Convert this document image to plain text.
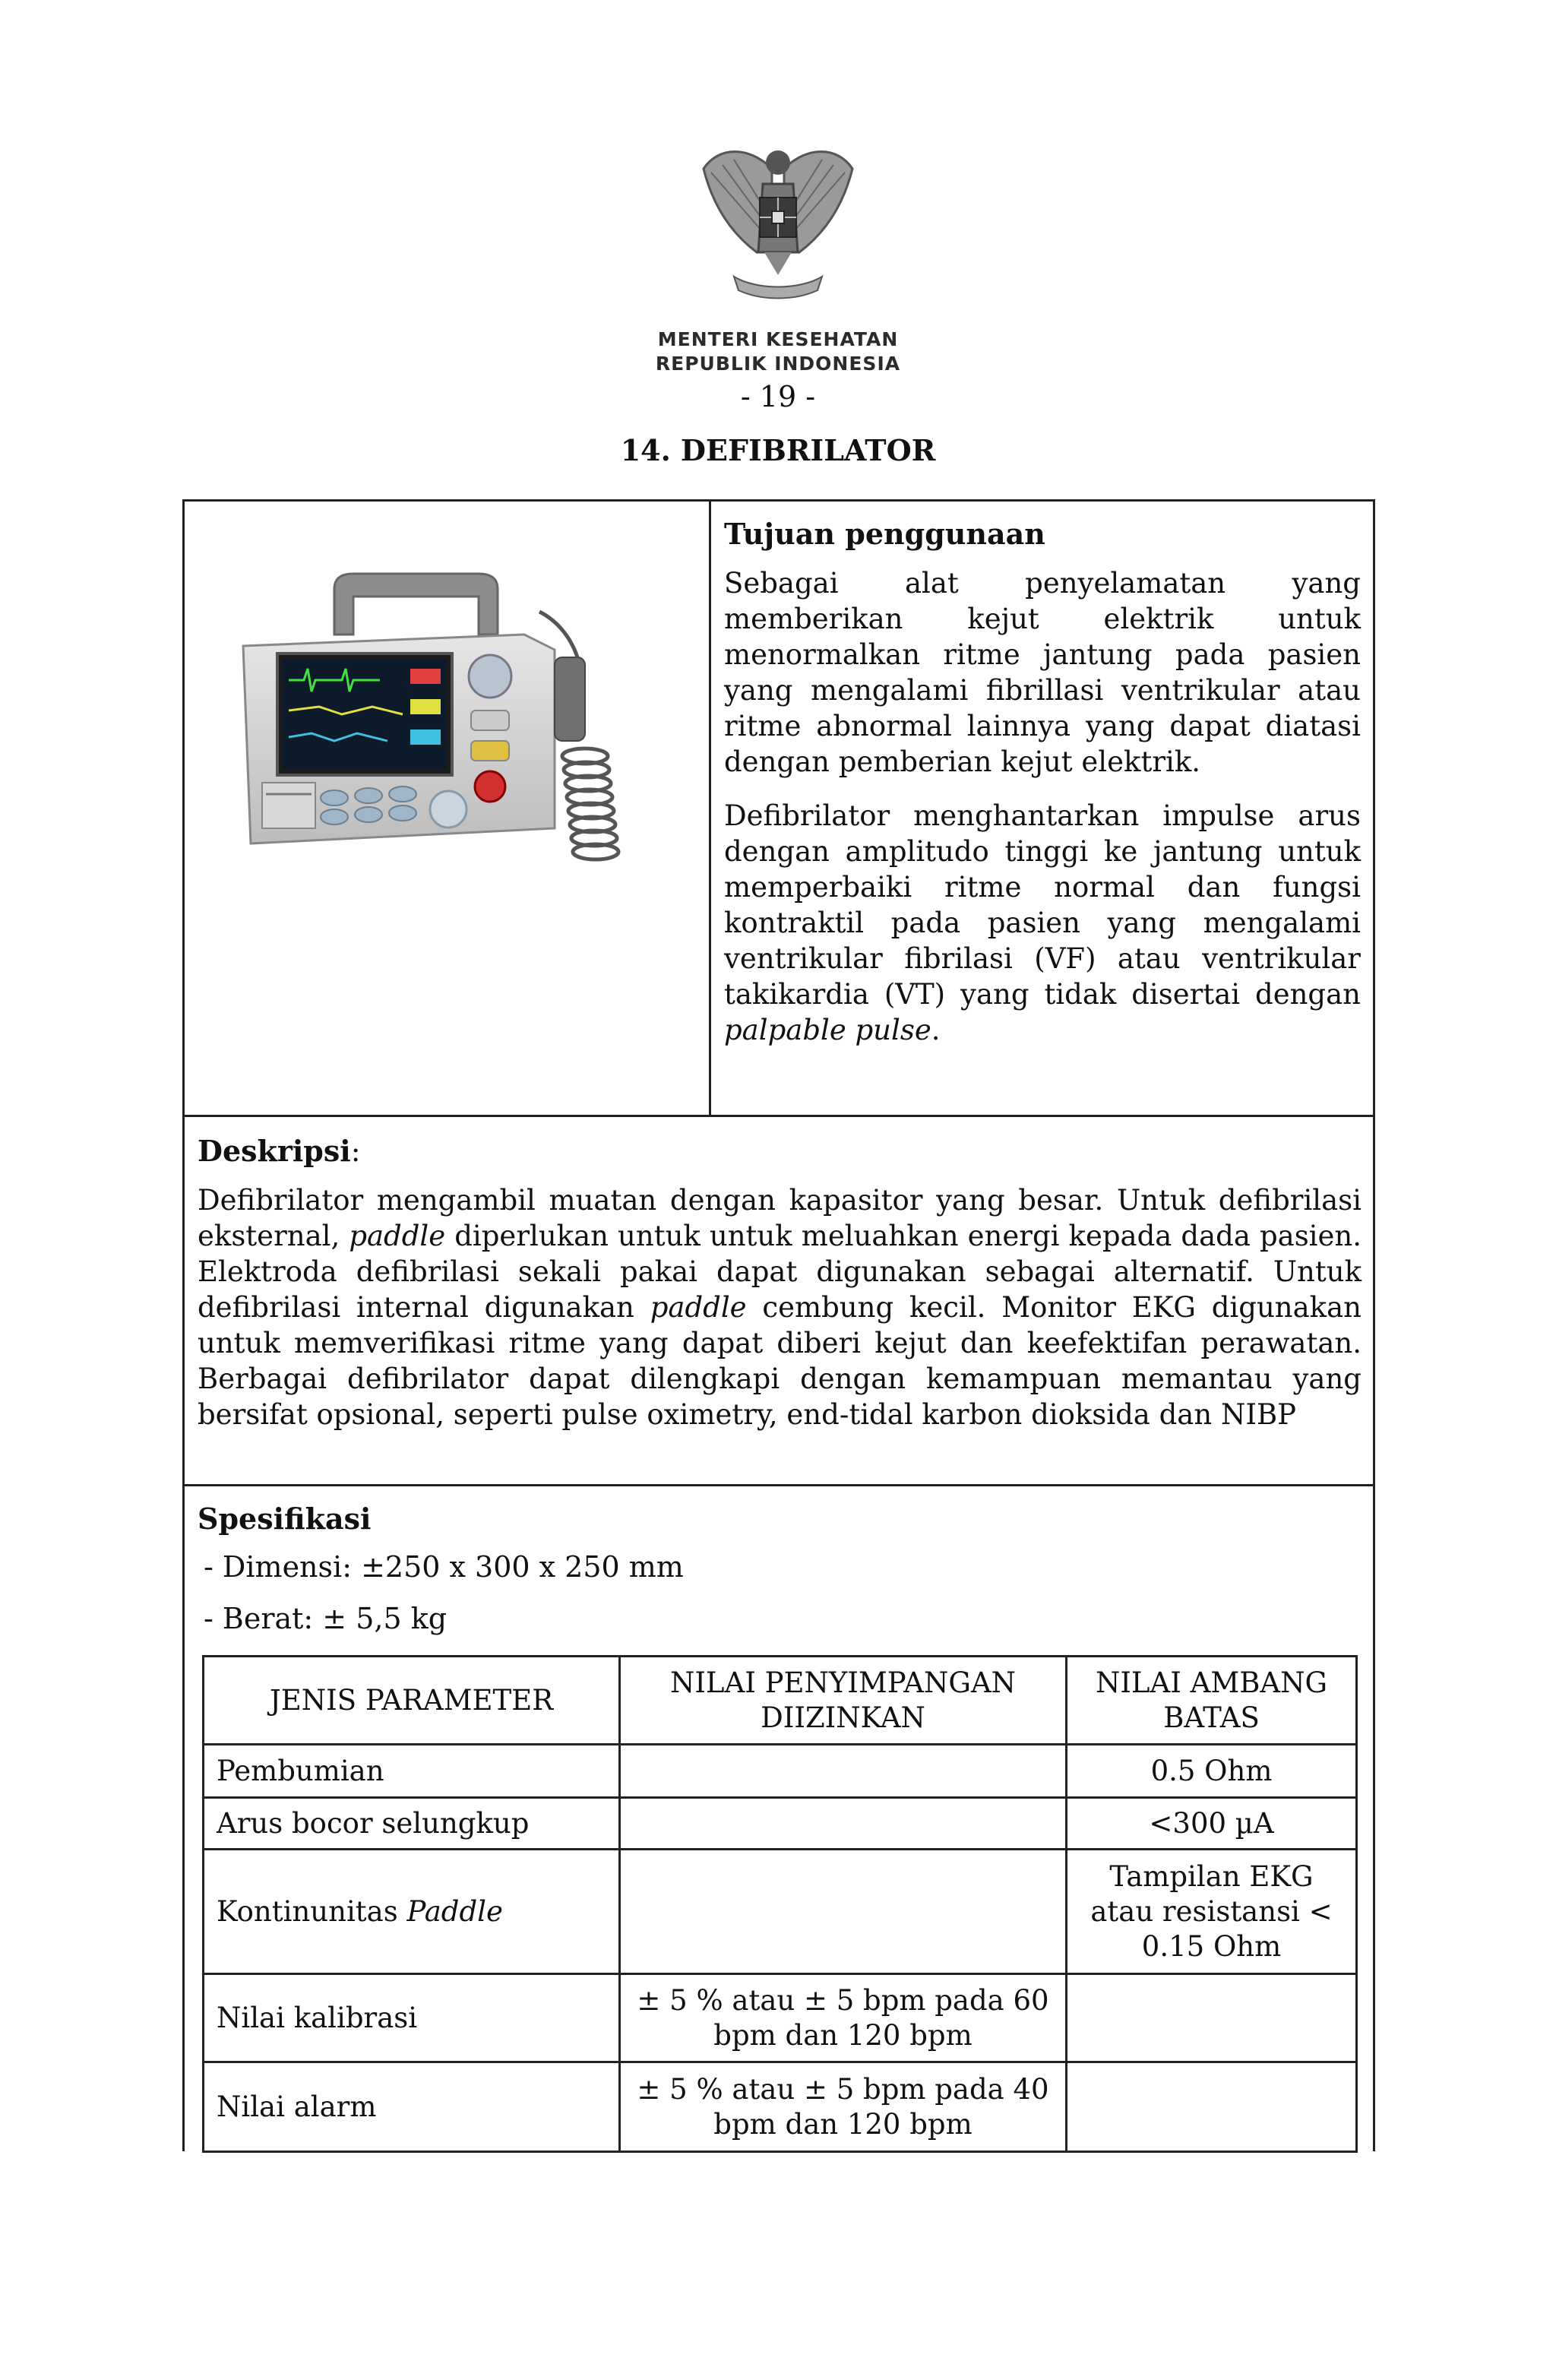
MENTERI KESEHATAN
REPUBLIK INDONESIA
- 19 -
14. DEFIBRILATOR
Tujuan penggunaan
Sebagai alat penyelamatan yang memberikan kejut elektrik untuk menormalkan ritme jantung pada pasien yang mengalami fibrillasi ventrikular atau ritme abnormal lainnya yang dapat diatasi dengan pemberian kejut elektrik.
Defibrilator menghantarkan impulse arus dengan amplitudo tinggi ke jantung untuk memperbaiki ritme normal dan fungsi kontraktil pada pasien yang mengalami ventrikular fibrilasi (VF) atau ventrikular takikardia (VT) yang tidak disertai dengan palpable pulse.
Deskripsi:
Defibrilator mengambil muatan dengan kapasitor yang besar. Untuk defibrilasi eksternal, paddle diperlukan untuk untuk meluahkan energi kepada dada pasien. Elektroda defibrilasi sekali pakai dapat digunakan sebagai alternatif. Untuk defibrilasi internal digunakan paddle cembung kecil. Monitor EKG digunakan untuk memverifikasi ritme yang dapat diberi kejut dan keefektifan perawatan. Berbagai defibrilator dapat dilengkapi dengan kemampuan memantau yang bersifat opsional, seperti pulse oximetry, end-tidal karbon dioksida dan NIBP
Spesifikasi
- Dimensi: ±250 x 300 x 250 mm
- Berat: ± 5,5 kg
JENIS PARAMETER	NILAI PENYIMPANGAN DIIZINKAN	NILAI AMBANG BATAS
Pembumian		0.5 Ohm
Arus bocor selungkup		<300 µA
Kontinunitas Paddle		Tampilan EKG atau resistansi < 0.15 Ohm
Nilai kalibrasi	± 5 % atau ± 5 bpm pada 60 bpm dan 120 bpm	
Nilai alarm	± 5 % atau ± 5 bpm pada 40 bpm dan 120 bpm	
